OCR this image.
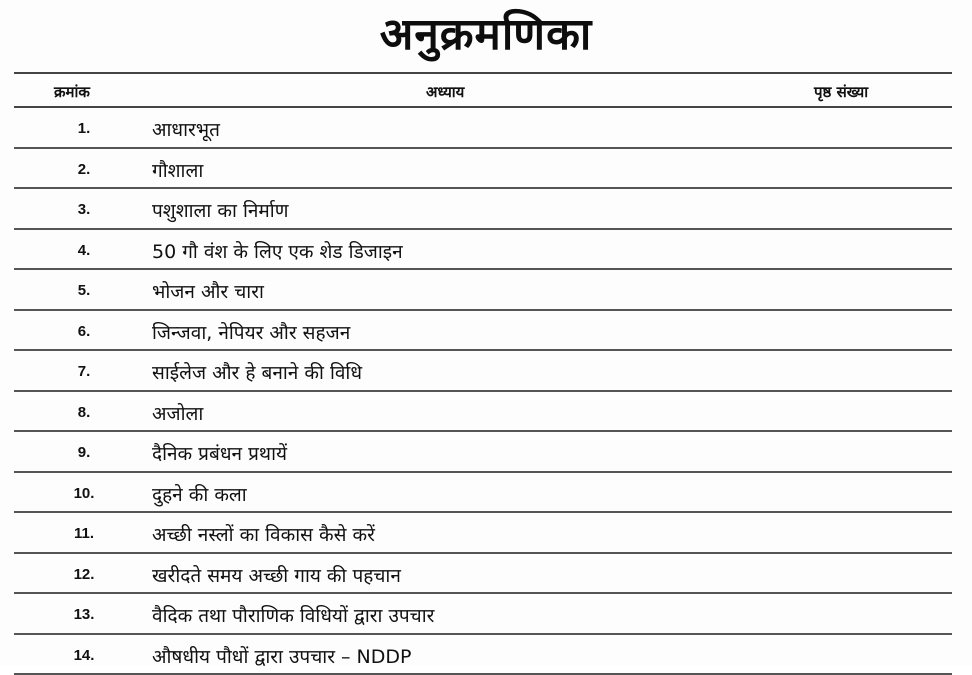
अनुक्रमणिका
क्रमांक	अध्याय	पृष्ठ संख्या
1.	आधारभूत
2.	गौशाला
3.	पशुशाला का निर्माण
4.	50 गौ वंश के लिए एक शेड डिजाइन
5.	भोजन और चारा
6.	जिन्जवा, नेपियर और सहजन
7.	साईलेज और हे बनाने की विधि
8.	अजोला
9.	दैनिक प्रबंधन प्रथायें
10.	दुहने की कला
11.	अच्छी नस्लों का विकास कैसे करें
12.	खरीदते समय अच्छी गाय की पहचान
13.	वैदिक तथा पौराणिक विधियों द्वारा उपचार
14.	औषधीय पौधों द्वारा उपचार – NDDP
